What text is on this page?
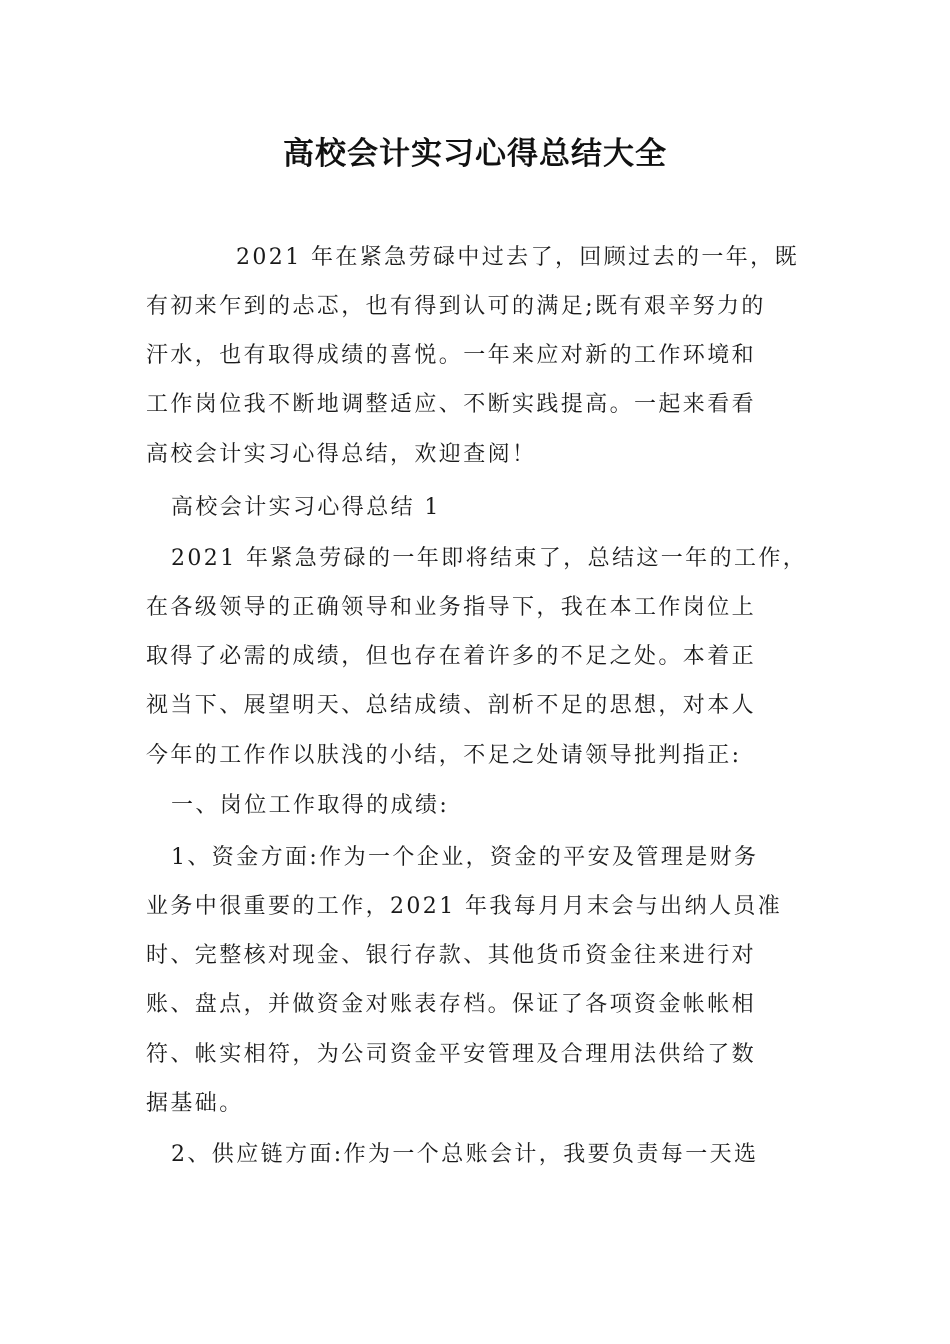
高校会计实习心得总结大全
2021 年在紧急劳碌中过去了，回顾过去的一年，既
有初来乍到的忐忑，也有得到认可的满足;既有艰辛努力的
汗水，也有取得成绩的喜悦。一年来应对新的工作环境和
工作岗位我不断地调整适应、不断实践提高。一起来看看
高校会计实习心得总结，欢迎查阅！
高校会计实习心得总结 1
2021 年紧急劳碌的一年即将结束了，总结这一年的工作，
在各级领导的正确领导和业务指导下，我在本工作岗位上
取得了必需的成绩，但也存在着许多的不足之处。本着正
视当下、展望明天、总结成绩、剖析不足的思想，对本人
今年的工作作以肤浅的小结，不足之处请领导批判指正:
一、岗位工作取得的成绩:
1、资金方面:作为一个企业，资金的平安及管理是财务
业务中很重要的工作，2021 年我每月月末会与出纳人员准
时、完整核对现金、银行存款、其他货币资金往来进行对
账、盘点，并做资金对账表存档。保证了各项资金帐帐相
符、帐实相符，为公司资金平安管理及合理用法供给了数
据基础。
2、供应链方面:作为一个总账会计，我要负责每一天选
